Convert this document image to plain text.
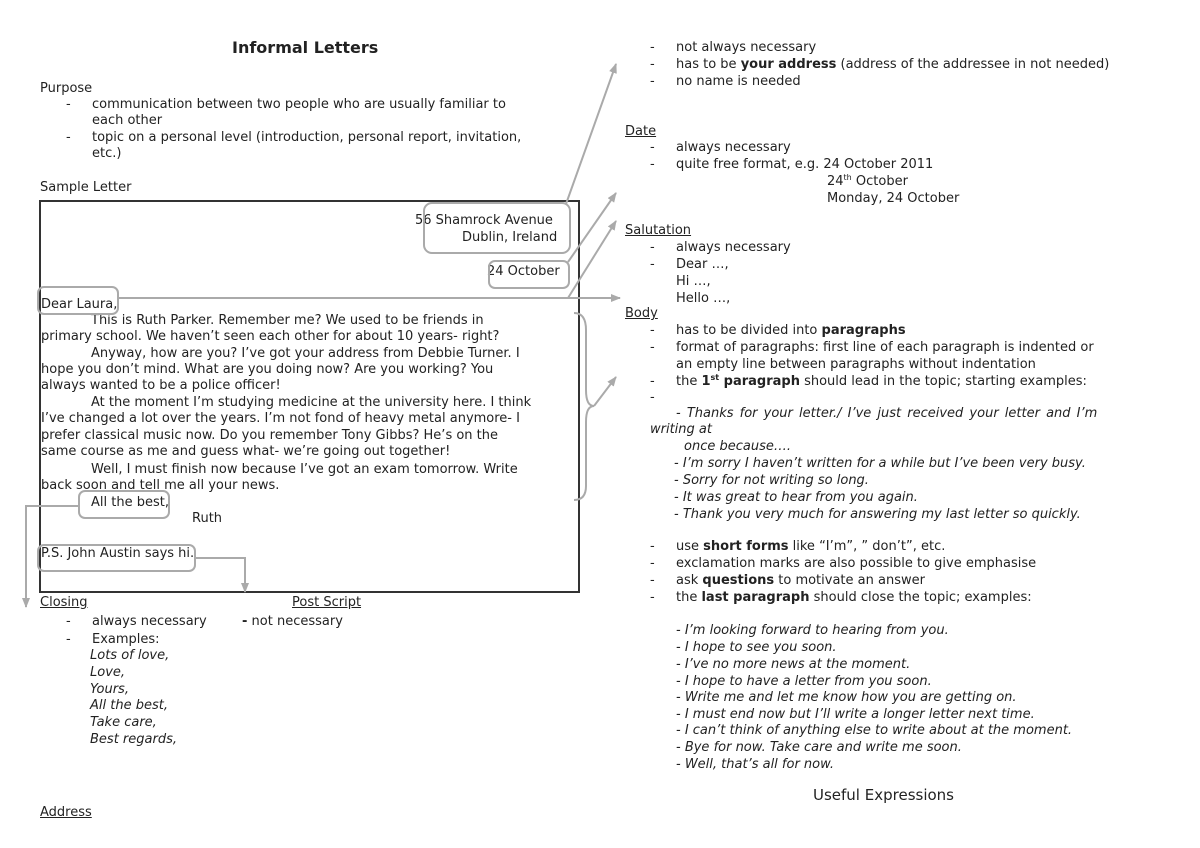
Informal Letters
Purpose
- communication between two people who are usually familiar to
each other
- topic on a personal level (introduction, personal report, invitation,
etc.)
Sample Letter
56 Shamrock Avenue
Dublin, Ireland
24 October
Dear Laura,
This is Ruth Parker. Remember me? We used to be friends in
primary school. We haven’t seen each other for about 10 years- right?
Anyway, how are you? I’ve got your address from Debbie Turner. I
hope you don’t mind. What are you doing now? Are you working? You
always wanted to be a police officer!
At the moment I’m studying medicine at the university here. I think
I’ve changed a lot over the years. I’m not fond of heavy metal anymore- I
prefer classical music now. Do you remember Tony Gibbs? He’s on the
same course as me and guess what- we’re going out together!
Well, I must finish now because I’ve got an exam tomorrow. Write
back soon and tell me all your news.
All the best,
Ruth
P.S. John Austin says hi.
Closing
- always necessary
- Examples:
Lots of love,
Love,
Yours,
All the best,
Take care,
Best regards,
Post Script
- not necessary
Address
- not always necessary
- has to be your address (address of the addressee in not needed)
- no name is needed
Date
- always necessary
- quite free format, e.g. 24 October 2011
24th October
Monday, 24 October
Salutation
- always necessary
- Dear …,
Hi …,
Hello …,
Body
- has to be divided into paragraphs
- format of paragraphs: first line of each paragraph is indented or
an empty line between paragraphs without indentation
- the 1st paragraph should lead in the topic; starting examples:
-
- Thanks for your letter./ I’ve just received your letter and I’m
writing at
once because….
- I’m sorry I haven’t written for a while but I’ve been very busy.
- Sorry for not writing so long.
- It was great to hear from you again.
- Thank you very much for answering my last letter so quickly.
- use short forms like “I’m”, ” don’t”, etc.
- exclamation marks are also possible to give emphasise
- ask questions to motivate an answer
- the last paragraph should close the topic; examples:
- I’m looking forward to hearing from you.
- I hope to see you soon.
- I’ve no more news at the moment.
- I hope to have a letter from you soon.
- Write me and let me know how you are getting on.
- I must end now but I’ll write a longer letter next time.
- I can’t think of anything else to write about at the moment.
- Bye for now. Take care and write me soon.
- Well, that’s all for now.
Useful Expressions
